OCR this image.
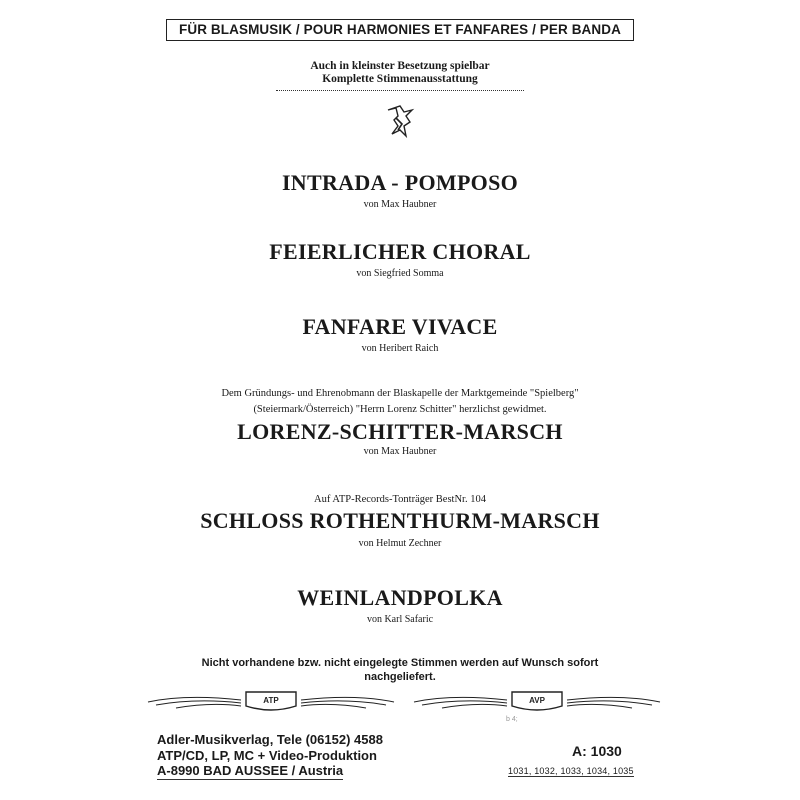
FÜR BLASMUSIK / POUR HARMONIES ET FANFARES / PER BANDA
Auch in kleinster Besetzung spielbar
Komplette Stimmenausstattung
INTRADA - POMPOSO
von Max Haubner
FEIERLICHER CHORAL
von Siegfried Somma
FANFARE VIVACE
von Heribert Raich
Dem Gründungs- und Ehrenobmann der Blaskapelle der Marktgemeinde "Spielberg"
(Steiermark/Österreich) "Herrn Lorenz Schitter" herzlichst gewidmet.
LORENZ-SCHITTER-MARSCH
von Max Haubner
Auf ATP-Records-Tonträger BestNr. 104
SCHLOSS ROTHENTHURM-MARSCH
von Helmut Zechner
WEINLANDPOLKA
von Karl Safaric
Nicht vorhandene bzw. nicht eingelegte Stimmen werden auf Wunsch sofort
nachgeliefert.
ATP	AVP
b 4;
Adler-Musikverlag, Tele (06152) 4588
ATP/CD, LP, MC + Video-Produktion
A-8990 BAD AUSSEE / Austria
A: 1030
1031, 1032, 1033, 1034, 1035
